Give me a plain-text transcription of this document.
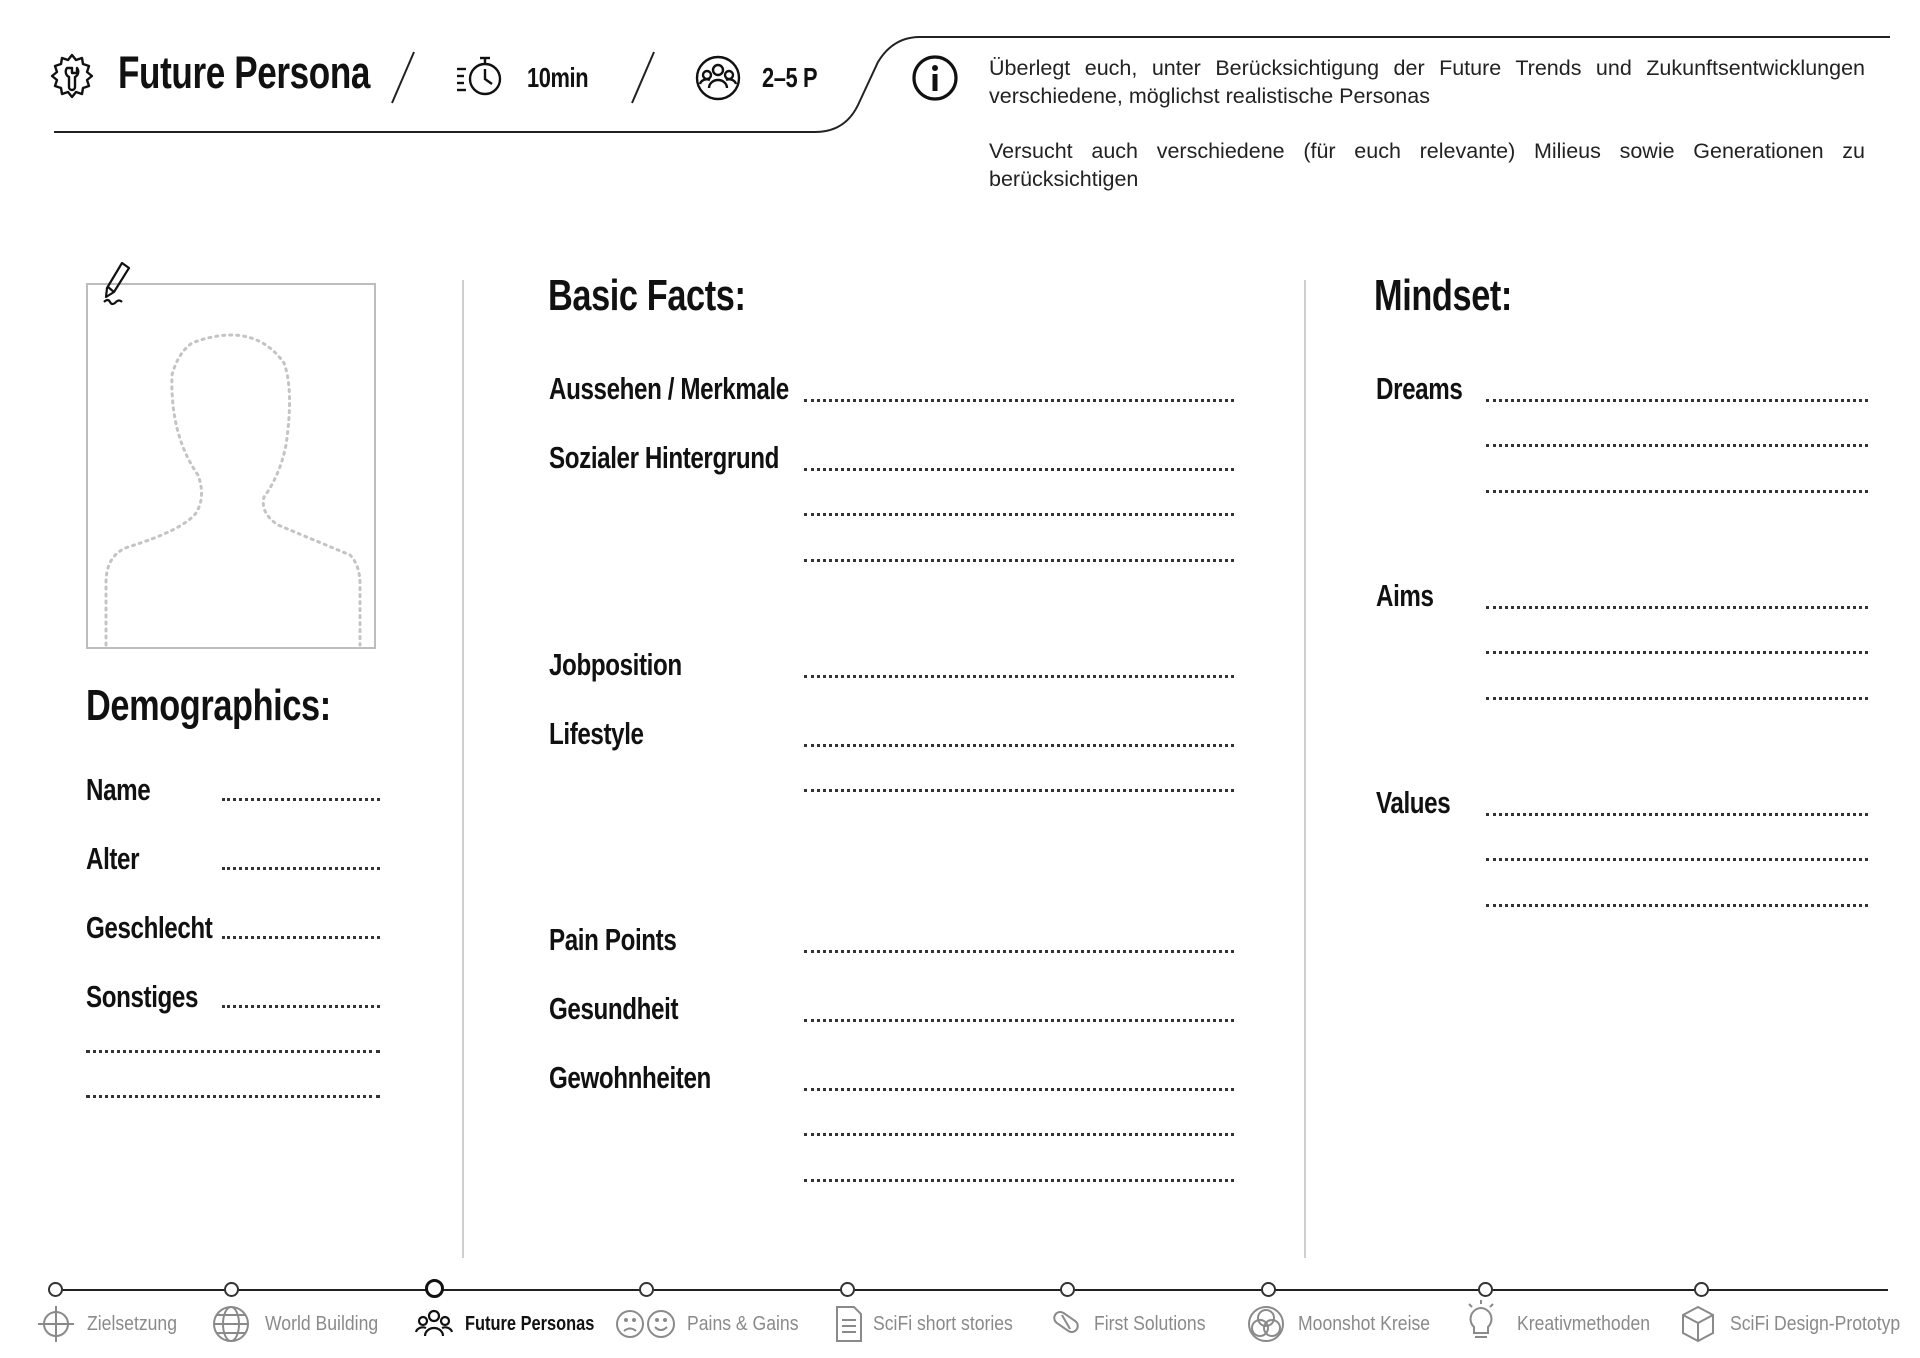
Future Persona	10min	2–5 P	Überlegt euch, unter Berücksichtigung der Future Trends und Zukunftsentwicklungen verschiedene, möglichst realistische Personas
Versucht auch verschiedene (für euch relevante) Milieus sowie Generationen zu berücksichtigen
Demographics:
Name
Alter
Geschlecht
Sonstiges
Basic Facts:
Aussehen / Merkmale
Sozialer Hintergrund
Jobposition
Lifestyle
Pain Points
Gesundheit
Gewohnheiten
Mindset:
Dreams
Aims
Values
Zielsetzung	World Building	Future Personas	Pains & Gains	SciFi short stories	First Solutions	Moonshot Kreise	Kreativmethoden	SciFi Design-Prototyp
